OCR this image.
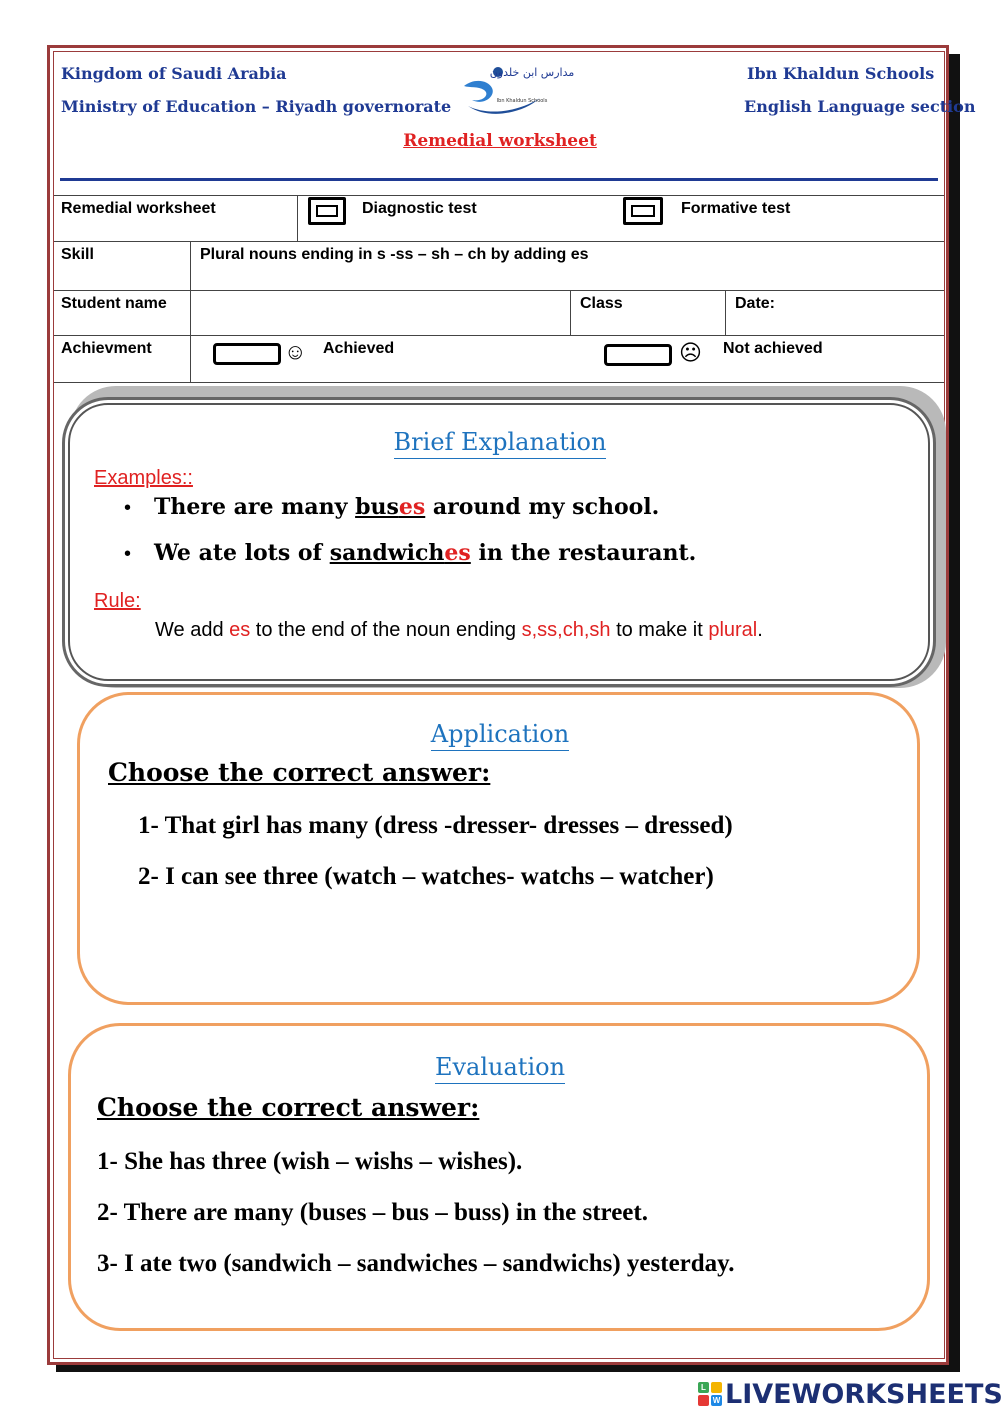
Kingdom of Saudi Arabia
Ministry of Education – Riyadh governorate
Ibn Khaldun Schools
English Language section
مدارس ابن خلدون
Ibn Khaldun Schools
Remedial worksheet
Remedial worksheet	Diagnostic test	Formative test
Skill	Plural nouns ending in s -ss – sh – ch by adding es
Student name	Class	Date:
Achievment	☺ Achieved	☹ Not achieved
Brief Explanation
Examples::
• There are many buses around my school.
• We ate lots of sandwiches in the restaurant.
Rule:
We add es to the end of the noun ending s,ss,ch,sh to make it plural.
Application
Choose the correct answer:
1- That girl has many (dress -dresser- dresses – dressed)
2- I can see three (watch – watches- watchs – watcher)
Evaluation
Choose the correct answer:
1- She has three (wish – wishs – wishes).
2- There are many (buses – bus – buss) in the street.
3- I ate two (sandwich – sandwiches – sandwichs) yesterday.
L
W LIVEWORKSHEETS
